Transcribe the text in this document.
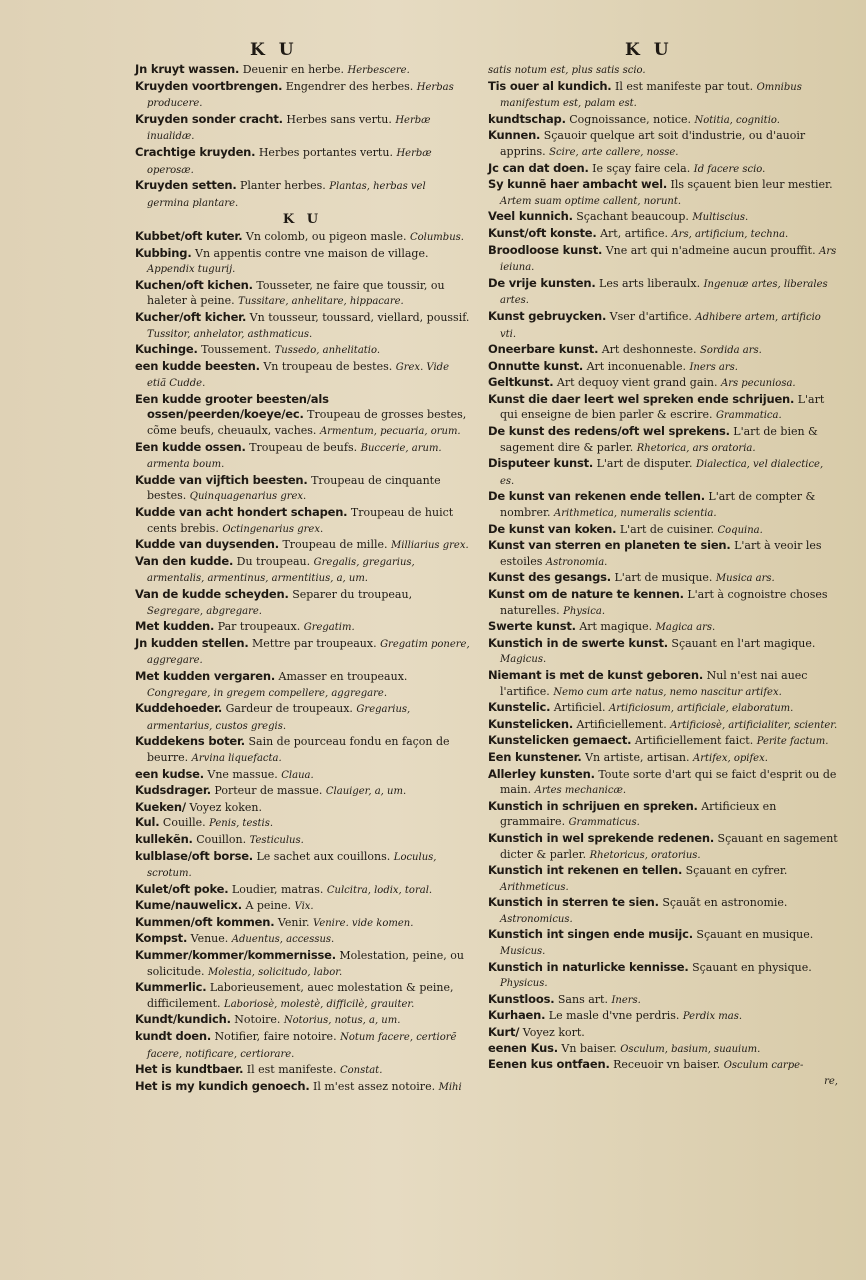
K U	K U

Jn kruyt wassen. Deuenir en herbe. Herbescere.

Kruyden voortbrengen. Engendrer des herbes. Herbas producere.

Kruyden sonder cracht. Herbes sans vertu. Herbæ inualidæ.

Crachtige kruyden. Herbes portantes vertu. Herbæ operosæ.

Kruyden setten. Planter herbes. Plantas, herbas vel germina plantare.

K U

Kubbet/oft kuter. Vn colomb, ou pigeon masle. Columbus.

Kubbing. Vn appentis contre vne maison de village. Appendix tugurij.

Kuchen/oft kichen. Tousseter, ne faire que toussir, ou haleter à peine. Tussitare, anhelitare, hippacare.

Kucher/oft kicher. Vn tousseur, toussard, viellard, poussif. Tussitor, anhelator, asthmaticus.

Kuchinge. Toussement. Tussedo, anhelitatio.

een kudde beesten. Vn troupeau de bestes. Grex. Vide etiã Cudde.

Een kudde grooter beesten/als ossen/peerden/koeye/ec. Troupeau de grosses bestes, cõme beufs, cheuaulx, vaches. Armentum, pecuaria, orum.

Een kudde ossen. Troupeau de beufs. Buccerie, arum. armenta boum.

Kudde van vijftich beesten. Troupeau de cinquante bestes. Quinquagenarius grex.

Kudde van acht hondert schapen. Troupeau de huict cents brebis. Octingenarius grex.

Kudde van duysenden. Troupeau de mille. Milliarius grex.

Van den kudde. Du troupeau. Gregalis, gregarius, armentalis, armentinus, armentitius, a, um.

Van de kudde scheyden. Separer du troupeau, Segregare, abgregare.

Met kudden. Par troupeaux. Gregatim.

Jn kudden stellen. Mettre par troupeaux. Gregatim ponere, aggregare.

Met kudden vergaren. Amasser en troupeaux. Congregare, in gregem compellere, aggregare.

Kuddehoeder. Gardeur de troupeaux. Gregarius, armentarius, custos gregis.

Kuddekens boter. Sain de pourceau fondu en façon de beurre. Arvina liquefacta.

een kudse. Vne massue. Claua.

Kudsdrager. Porteur de massue. Clauiger, a, um.

Kueken/ Voyez koken.

Kul. Couille. Penis, testis.

kullekẽn. Couillon. Testiculus.

kulblase/oft borse. Le sachet aux couillons. Loculus, scrotum.

Kulet/oft poke. Loudier, matras. Culcitra, lodix, toral.

Kume/nauwelicx. A peine. Vix.

Kummen/oft kommen. Venir. Venire. vide komen.

Kompst. Venue. Aduentus, accessus.

Kummer/kommer/kommernisse. Molestation, peine, ou solicitude. Molestia, solicitudo, labor.

Kummerlic. Laborieusement, auec molestation & peine, difficilement. Laboriosè, molestè, difficilè, grauiter.

Kundt/kundich. Notoire. Notorius, notus, a, um.

kundt doen. Notifier, faire notoire. Notum facere, certiorẽ facere, notificare, certiorare.

Het is kundtbaer. Il est manifeste. Constat.

Het is my kundich genoech. Il m'est assez notoire. Mihi

satis notum est, plus satis scio.

Tis ouer al kundich. Il est manifeste par tout. Omnibus manifestum est, palam est.

kundtschap. Cognoissance, notice. Notitia, cognitio.

Kunnen. Sçauoir quelque art soit d'industrie, ou d'auoir apprins. Scire, arte callere, nosse.

Jc can dat doen. Ie sçay faire cela. Id facere scio.

Sy kunnẽ haer ambacht wel. Ils sçauent bien leur mestier. Artem suam optime callent, norunt.

Veel kunnich. Sçachant beaucoup. Multiscius.

Kunst/oft konste. Art, artifice. Ars, artificium, techna.

Broodloose kunst. Vne art qui n'admeine aucun prouffit. Ars ieiuna.

De vrije kunsten. Les arts liberaulx. Ingenuæ artes, liberales artes.

Kunst gebruycken. Vser d'artifice. Adhibere artem, artificio vti.

Oneerbare kunst. Art deshonneste. Sordida ars.

Onnutte kunst. Art inconuenable. Iners ars.

Geltkunst. Art dequoy vient grand gain. Ars pecuniosa.

Kunst die daer leert wel spreken ende schrijuen. L'art qui enseigne de bien parler & escrire. Grammatica.

De kunst des redens/oft wel sprekens. L'art de bien & sagement dire & parler. Rhetorica, ars oratoria.

Disputeer kunst. L'art de disputer. Dialectica, vel dialectice, es.

De kunst van rekenen ende tellen. L'art de compter & nombrer. Arithmetica, numeralis scientia.

De kunst van koken. L'art de cuisiner. Coquina.

Kunst van sterren en planeten te sien. L'art à veoir les estoiles Astronomia.

Kunst des gesangs. L'art de musique. Musica ars.

Kunst om de nature te kennen. L'art à cognoistre choses naturelles. Physica.

Swerte kunst. Art magique. Magica ars.

Kunstich in de swerte kunst. Sçauant en l'art magique. Magicus.

Niemant is met de kunst geboren. Nul n'est nai auec l'artifice. Nemo cum arte natus, nemo nascitur artifex.

Kunstelic. Artificiel. Artificiosum, artificiale, elaboratum.

Kunstelicken. Artificiellement. Artificiosè, artificialiter, scienter.

Kunstelicken gemaect. Artificiellement faict. Perite factum.

Een kunstener. Vn artiste, artisan. Artifex, opifex.

Allerley kunsten. Toute sorte d'art qui se faict d'esprit ou de main. Artes mechanicæ.

Kunstich in schrijuen en spreken. Artificieux en grammaire. Grammaticus.

Kunstich in wel sprekende redenen. Sçauant en sagement dicter & parler. Rhetoricus, oratorius.

Kunstich int rekenen en tellen. Sçauant en cyfrer. Arithmeticus.

Kunstich in sterren te sien. Sçauãt en astronomie. Astronomicus.

Kunstich int singen ende musijc. Sçauant en musique. Musicus.

Kunstich in naturlicke kennisse. Sçauant en physique. Physicus.

Kunstloos. Sans art. Iners.

Kurhaen. Le masle d'vne perdris. Perdix mas.

Kurt/ Voyez kort.

eenen Kus. Vn baiser. Osculum, basium, suauium.

Eenen kus ontfaen. Receuoir vn baiser. Osculum carpe-

re,
